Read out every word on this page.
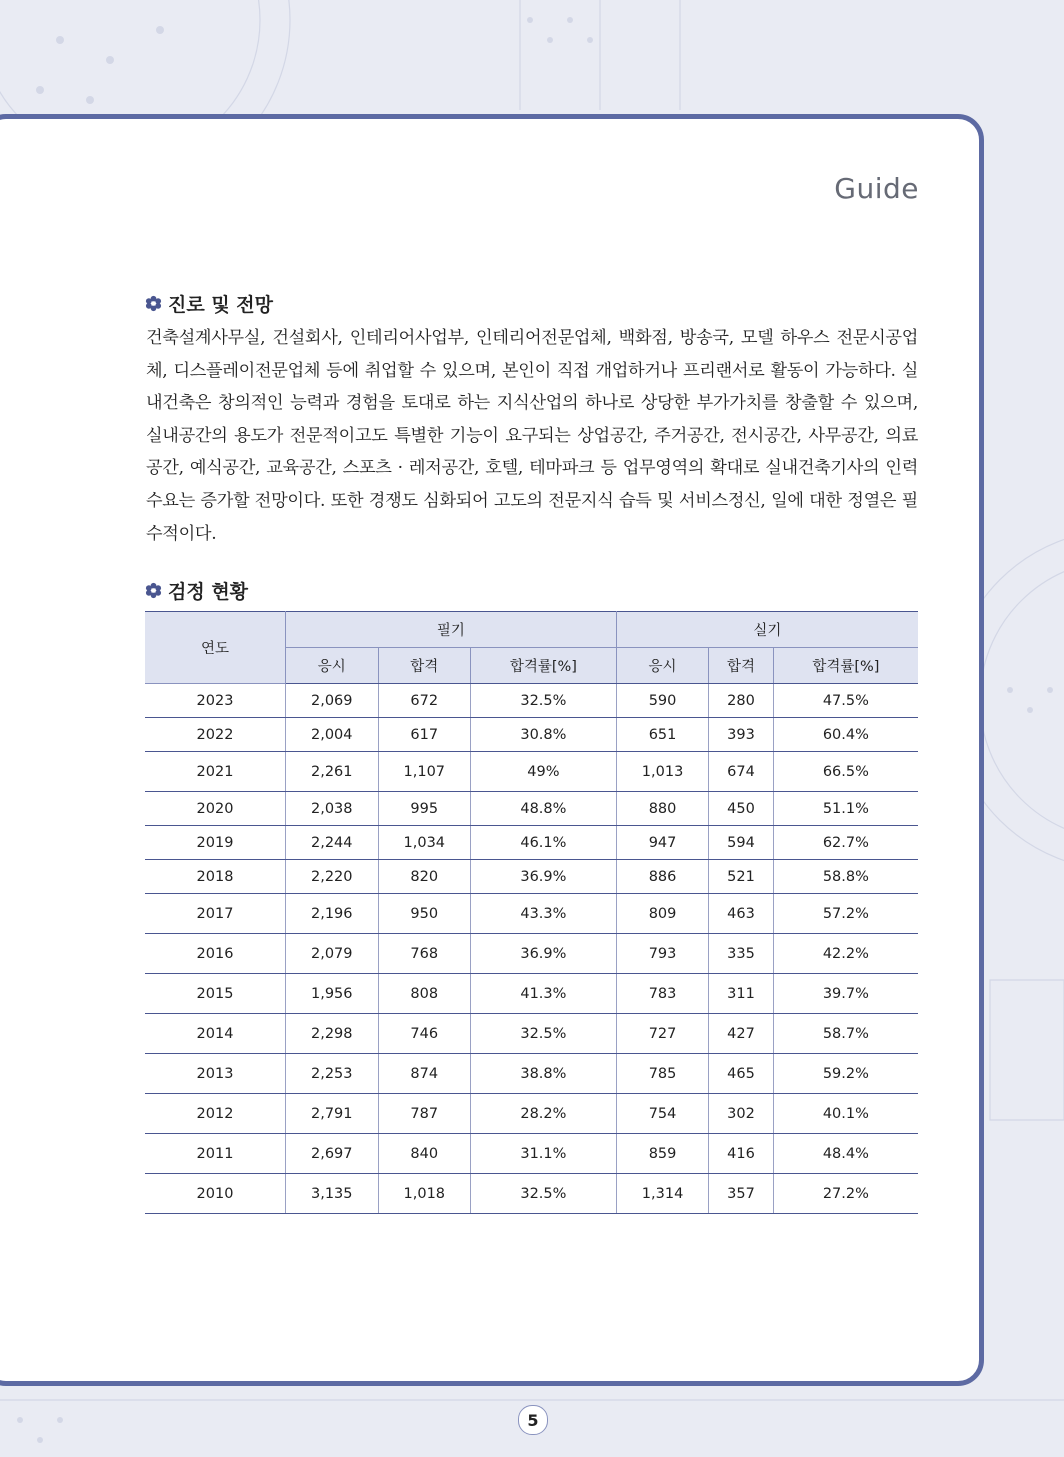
Guide
진로 및 전망
건축설계사무실, 건설회사, 인테리어사업부, 인테리어전문업체, 백화점, 방송국, 모델 하우스 전문시공업체, 디스플레이전문업체 등에 취업할 수 있으며, 본인이 직접 개업하거나 프리랜서로 활동이 가능하다. 실내건축은 창의적인 능력과 경험을 토대로 하는 지식산업의 하나로 상당한 부가가치를 창출할 수 있으며, 실내공간의 용도가 전문적이고도 특별한 기능이 요구되는 상업공간, 주거공간, 전시공간, 사무공간, 의료공간, 예식공간, 교육공간, 스포츠 · 레저공간, 호텔, 테마파크 등 업무영역의 확대로 실내건축기사의 인력수요는 증가할 전망이다. 또한 경쟁도 심화되어 고도의 전문지식 습득 및 서비스정신, 일에 대한 정열은 필수적이다.
검정 현황
연도	필기			실기		
	응시	합격	합격률[%]	응시	합격	합격률[%]
2023	2,069	672	32.5%	590	280	47.5%
2022	2,004	617	30.8%	651	393	60.4%
2021	2,261	1,107	49%	1,013	674	66.5%
2020	2,038	995	48.8%	880	450	51.1%
2019	2,244	1,034	46.1%	947	594	62.7%
2018	2,220	820	36.9%	886	521	58.8%
2017	2,196	950	43.3%	809	463	57.2%
2016	2,079	768	36.9%	793	335	42.2%
2015	1,956	808	41.3%	783	311	39.7%
2014	2,298	746	32.5%	727	427	58.7%
2013	2,253	874	38.8%	785	465	59.2%
2012	2,791	787	28.2%	754	302	40.1%
2011	2,697	840	31.1%	859	416	48.4%
2010	3,135	1,018	32.5%	1,314	357	27.2%
5
